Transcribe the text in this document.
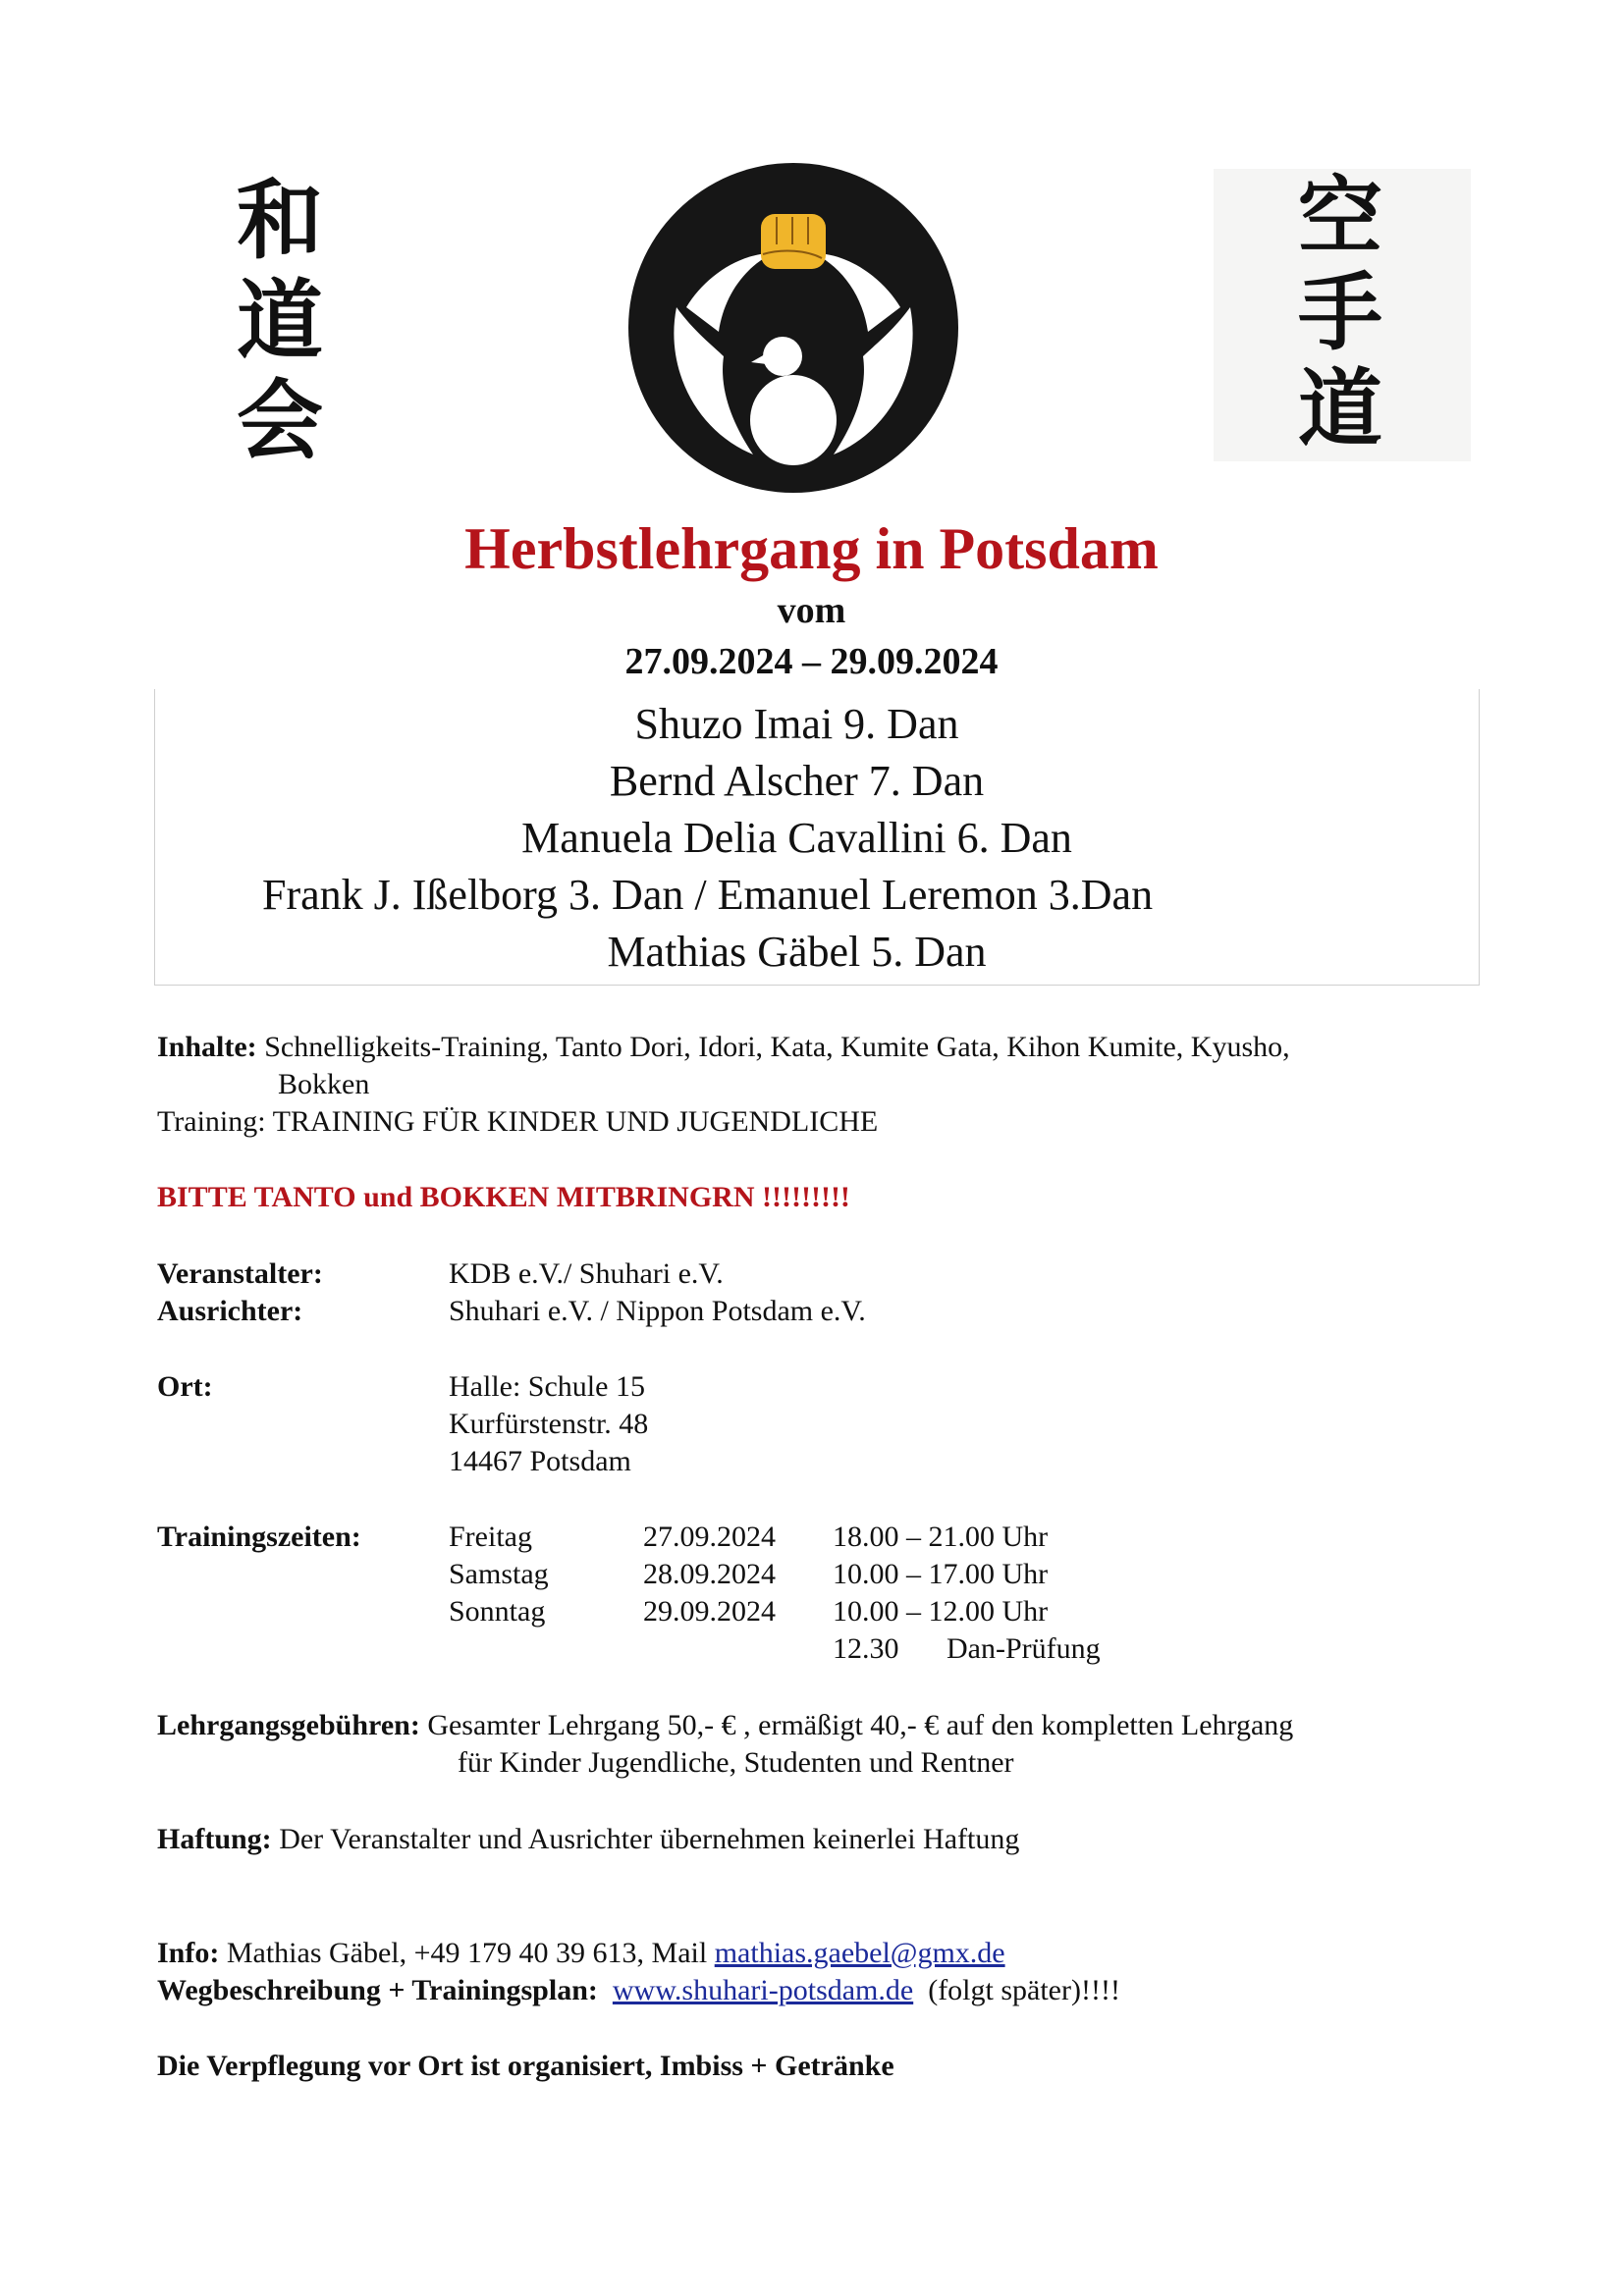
和
道
会
空
手
道
Herbstlehrgang in Potsdam
vom
27.09.2024 – 29.09.2024
Shuzo Imai 9. Dan
Bernd Alscher 7. Dan
Manuela Delia Cavallini 6. Dan
Frank J. Ißelborg 3. Dan / Emanuel Leremon 3.Dan
Mathias Gäbel 5. Dan
Inhalte: Schnelligkeits-Training, Tanto Dori, Idori, Kata, Kumite Gata, Kihon Kumite, Kyusho,
Bokken
Training: TRAINING FÜR KINDER UND JUGENDLICHE
BITTE TANTO und BOKKEN MITBRINGRN !!!!!!!!!
Veranstalter:	KDB e.V./ Shuhari e.V.
Ausrichter:	Shuhari e.V. / Nippon Potsdam e.V.
Ort:	Halle: Schule 15
Kurfürstenstr. 48
14467 Potsdam
Trainingszeiten:	Freitag	27.09.2024 18.00 – 21.00 Uhr
Samstag	28.09.2024 10.00 – 17.00 Uhr
Sonntag	29.09.2024 10.00 – 12.00 Uhr
12.30 Dan-Prüfung
Lehrgangsgebühren: Gesamter Lehrgang 50,- € , ermäßigt 40,- € auf den kompletten Lehrgang
für Kinder Jugendliche, Studenten und Rentner
Haftung: Der Veranstalter und Ausrichter übernehmen keinerlei Haftung
Info: Mathias Gäbel, +49 179 40 39 613, Mail mathias.gaebel@gmx.de
Wegbeschreibung + Trainingsplan: www.shuhari-potsdam.de (folgt später)!!!!
Die Verpflegung vor Ort ist organisiert, Imbiss + Getränke
